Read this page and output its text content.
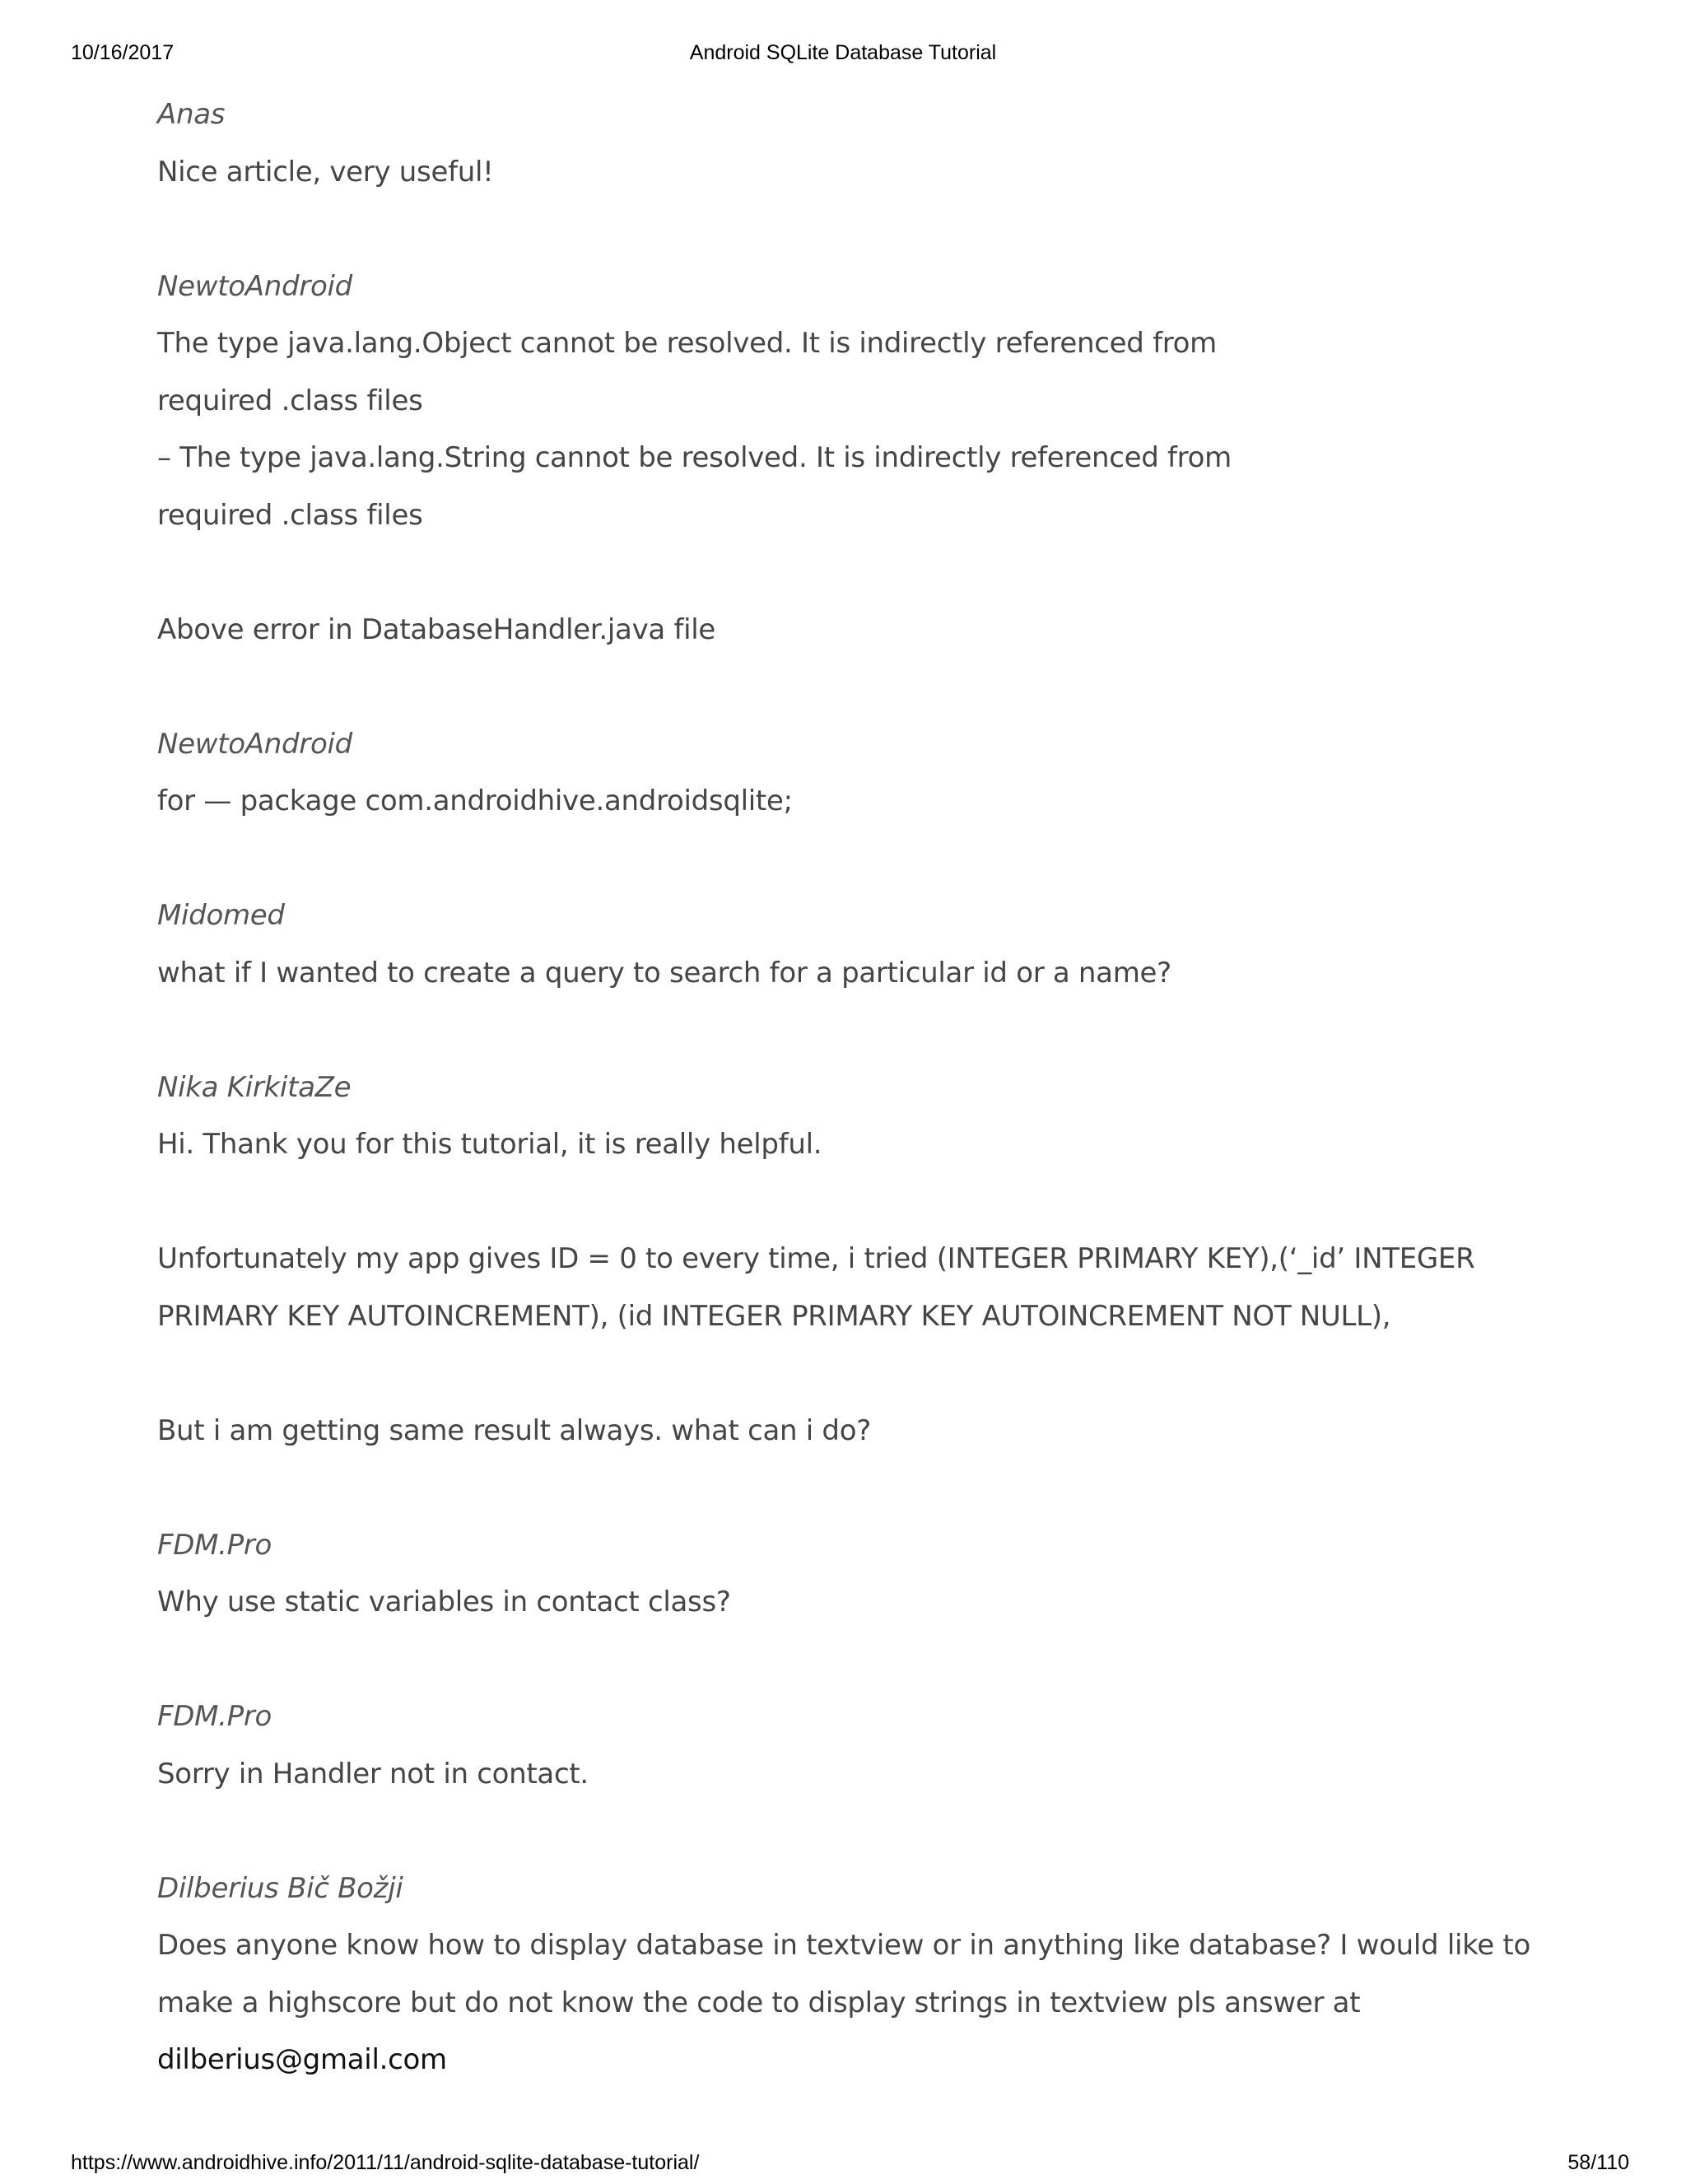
10/16/2017	Android SQLite Database Tutorial
Anas
Nice article, very useful!
NewtoAndroid
The type java.lang.Object cannot be resolved. It is indirectly referenced from
required .class files
– The type java.lang.String cannot be resolved. It is indirectly referenced from
required .class files
Above error in DatabaseHandler.java file
NewtoAndroid
for — package com.androidhive.androidsqlite;
Midomed
what if I wanted to create a query to search for a particular id or a name?
Nika KirkitaZe
Hi. Thank you for this tutorial, it is really helpful.
Unfortunately my app gives ID = 0 to every time, i tried (INTEGER PRIMARY KEY),(‘_id’ INTEGER
PRIMARY KEY AUTOINCREMENT), (id INTEGER PRIMARY KEY AUTOINCREMENT NOT NULL),
But i am getting same result always. what can i do?
FDM.Pro
Why use static variables in contact class?
FDM.Pro
Sorry in Handler not in contact.
Dilberius Bič Božji
Does anyone know how to display database in textview or in anything like database? I would like to
make a highscore but do not know the code to display strings in textview pls answer at
dilberius@gmail.com
https://www.androidhive.info/2011/11/android-sqlite-database-tutorial/	58/110
